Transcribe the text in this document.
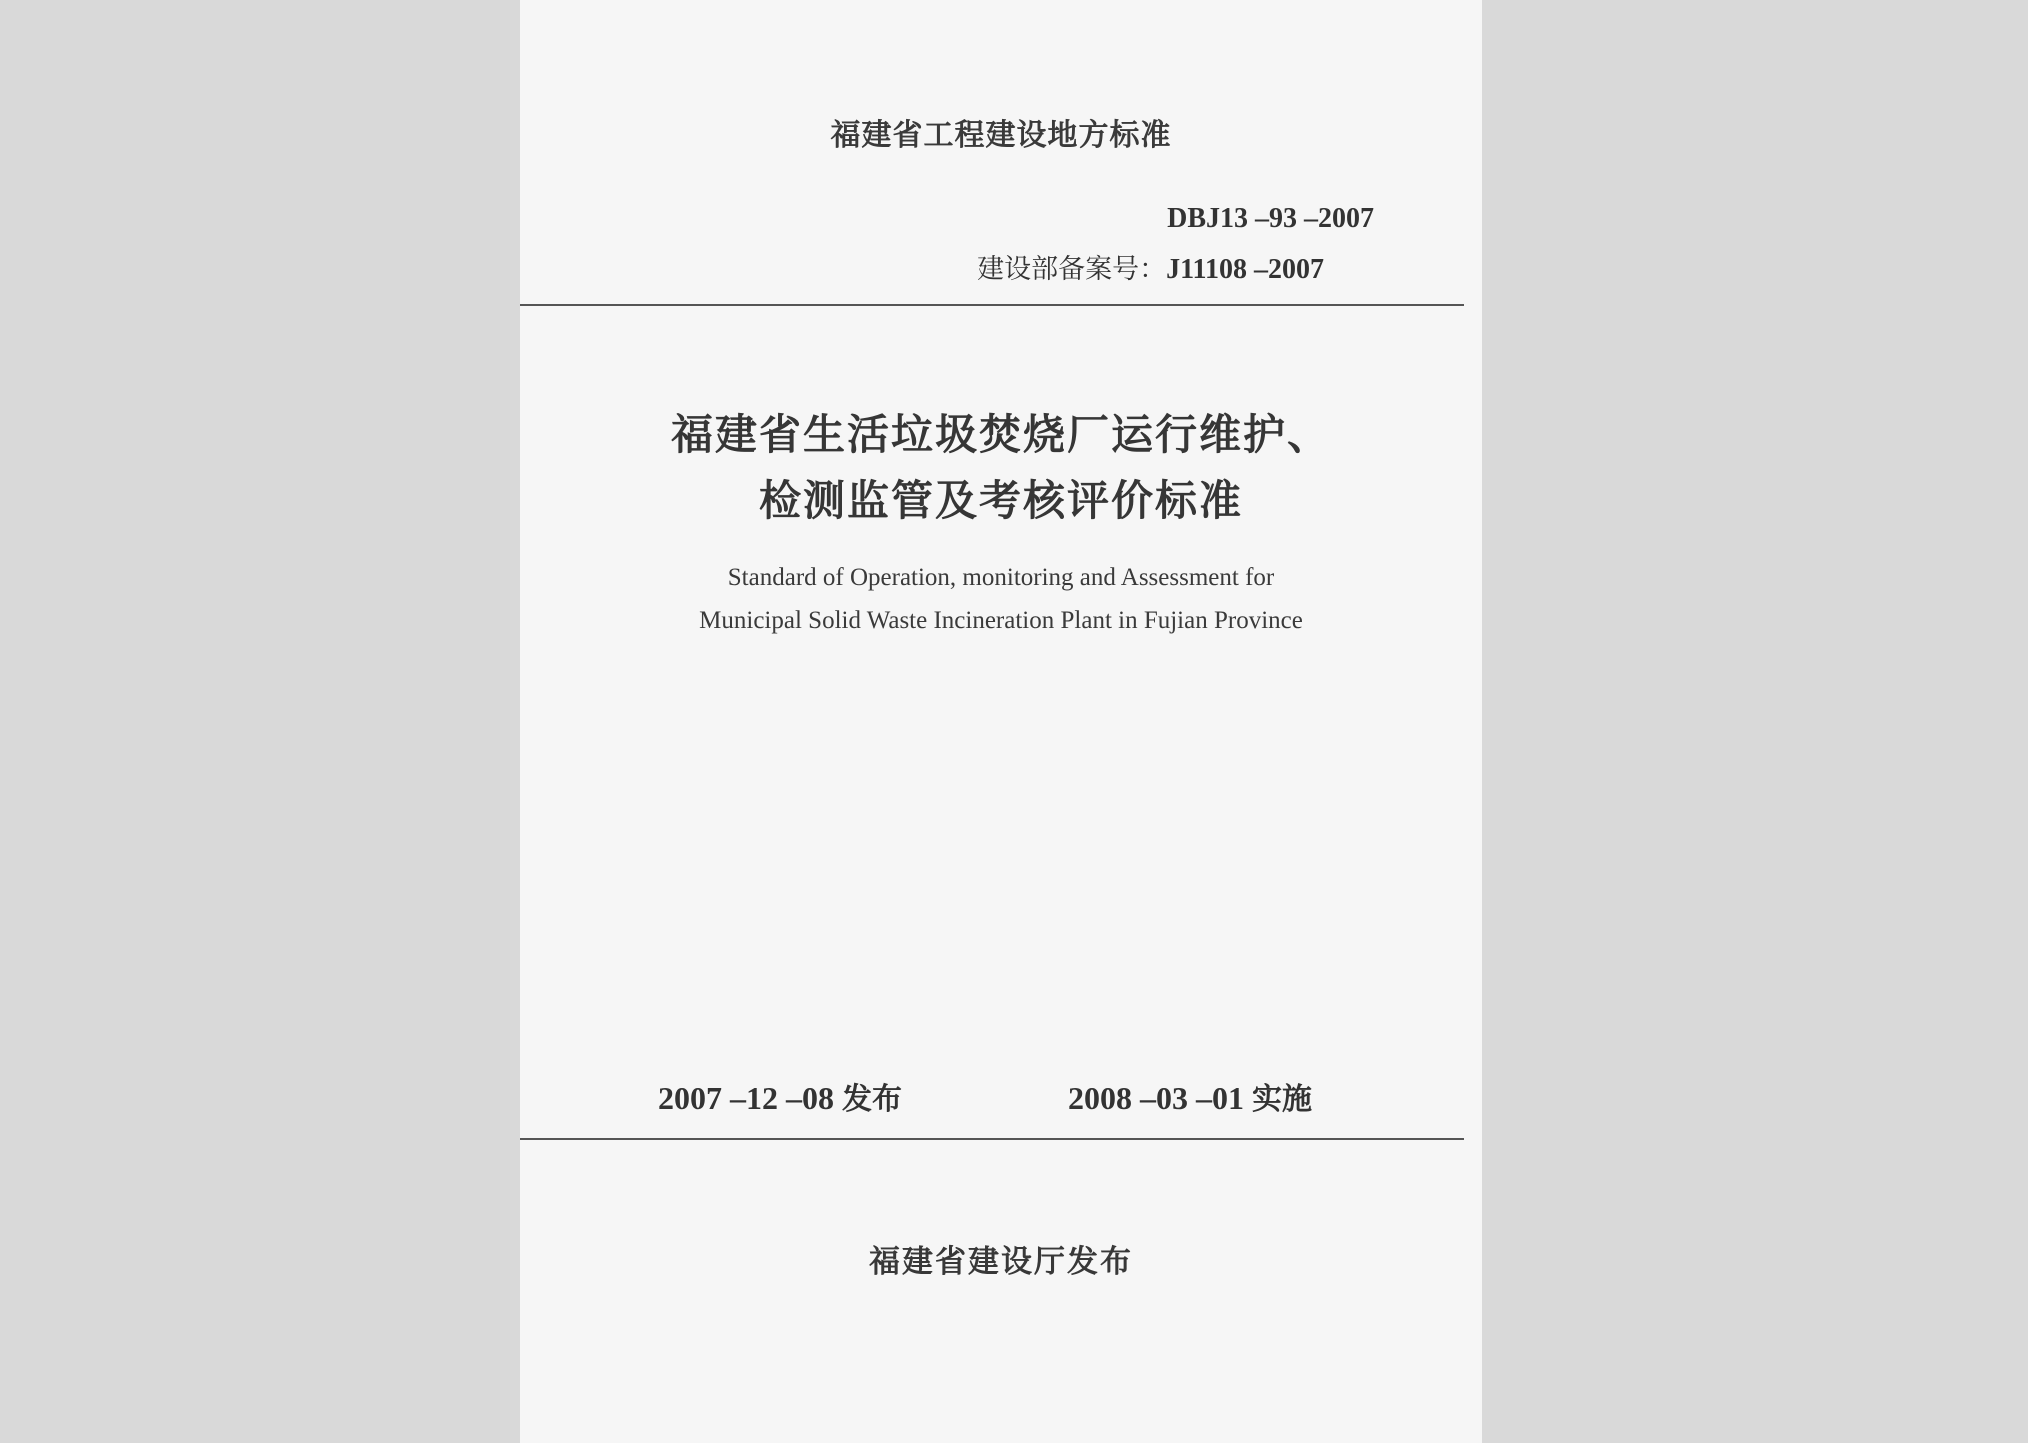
福建省工程建设地方标准
DBJ13 –93 –2007
建设部备案号：J11108 –2007
福建省生活垃圾焚烧厂运行维护、
检测监管及考核评价标准
Standard of Operation, monitoring and Assessment for
Municipal Solid Waste Incineration Plant in Fujian Province
2007 –12 –08 发布	2008 –03 –01 实施
福建省建设厅发布
